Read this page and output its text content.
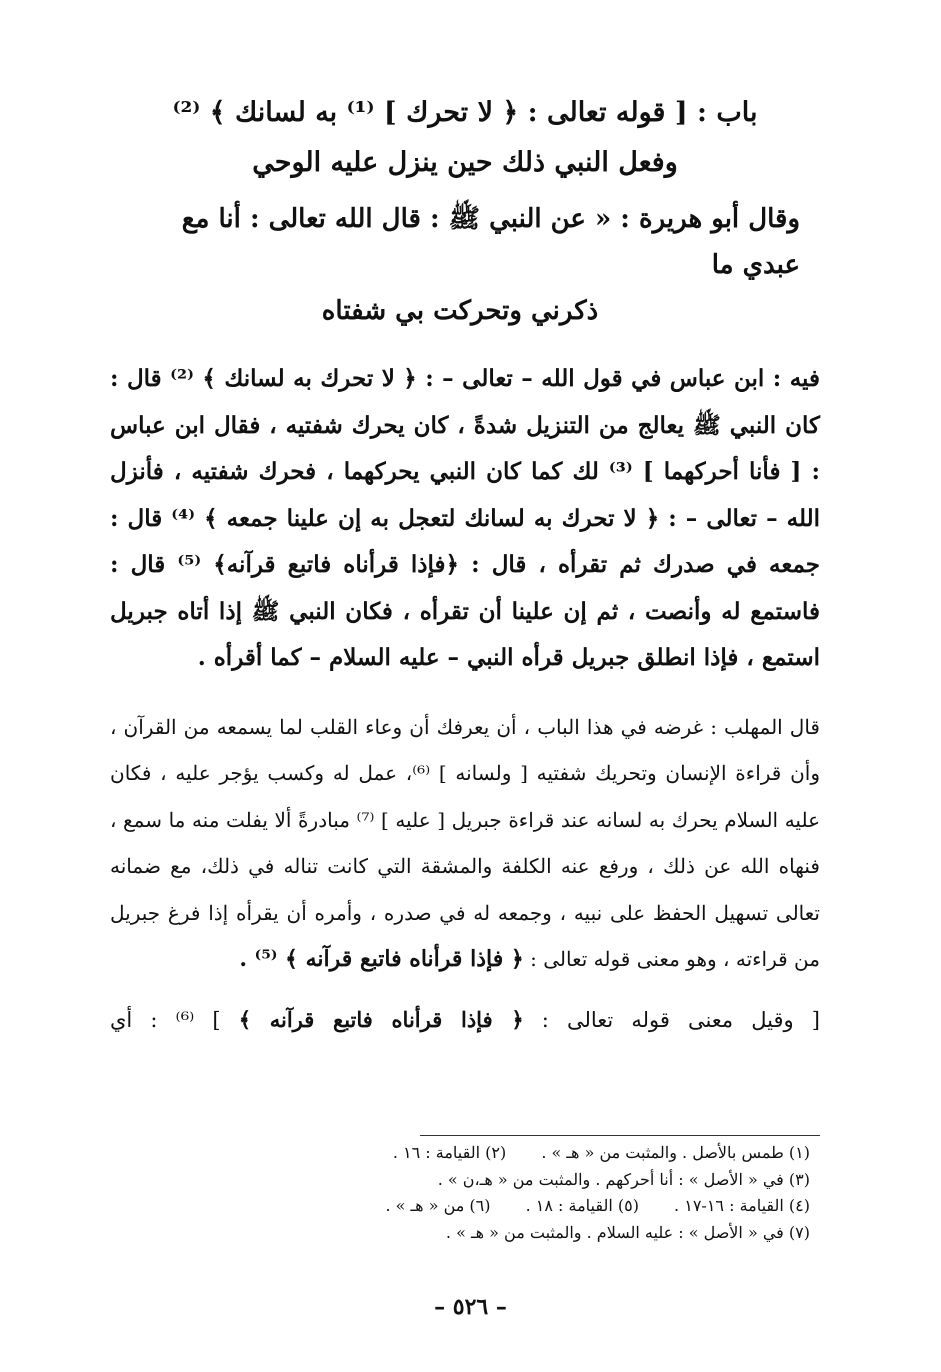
باب : [ قوله تعالى : ﴿ لا تحرك ] ⁽¹⁾ به لسانك ﴾ ⁽²⁾
وفعل النبي ذلك حين ينزل عليه الوحي
وقال أبو هريرة : « عن النبي ﷺ : قال الله تعالى : أنا مع عبدي ما
ذكرني وتحركت بي شفتاه
فيه : ابن عباس في قول الله – تعالى – : ﴿ لا تحرك به لسانك ﴾ ⁽²⁾ قال : كان النبي ﷺ يعالج من التنزيل شدةً ، كان يحرك شفتيه ، فقال ابن عباس : [ فأنا أحركهما ] ⁽³⁾ لك كما كان النبي يحركهما ، فحرك شفتيه ، فأنزل الله – تعالى – : ﴿ لا تحرك به لسانك لتعجل به إن علينا جمعه ﴾ ⁽⁴⁾ قال : جمعه في صدرك ثم تقرأه ، قال : ﴿فإذا قرأناه فاتبع قرآنه﴾ ⁽⁵⁾ قال : فاستمع له وأنصت ، ثم إن علينا أن تقرأه ، فكان النبي ﷺ إذا أتاه جبريل استمع ، فإذا انطلق جبريل قرأه النبي – عليه السلام – كما أقرأه .
قال المهلب : غرضه في هذا الباب ، أن يعرفك أن وعاء القلب لما يسمعه من القرآن ، وأن قراءة الإنسان وتحريك شفتيه [ ولسانه ] ⁽⁶⁾، عمل له وكسب يؤجر عليه ، فكان عليه السلام يحرك به لسانه عند قراءة جبريل [ عليه ] ⁽⁷⁾ مبادرةً ألا يفلت منه ما سمع ، فنهاه الله عن ذلك ، ورفع عنه الكلفة والمشقة التي كانت تناله في ذلك، مع ضمانه تعالى تسهيل الحفظ على نبيه ، وجمعه له في صدره ، وأمره أن يقرأه إذا فرغ جبريل من قراءته ، وهو معنى قوله تعالى : ﴿ فإذا قرأناه فاتبع قرآنه ﴾ ⁽⁵⁾ .
[ وقيل معنى قوله تعالى : ﴿ فإذا قرأناه فاتبع قرآنه ﴾ ] ⁽⁶⁾ : أي
(١) طمس بالأصل . والمثبت من « هـ » . (٢) القيامة : ١٦ .
(٣) في « الأصل » : أنا أحركهم . والمثبت من « هـ،ن » .
(٤) القيامة : ١٦-١٧ . (٥) القيامة : ١٨ . (٦) من « هـ » .
(٧) في « الأصل » : عليه السلام . والمثبت من « هـ » .
– ٥٢٦ –
